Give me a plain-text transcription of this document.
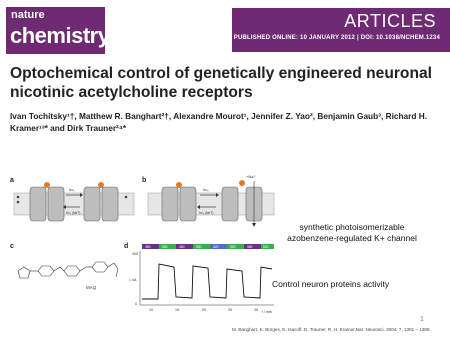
nature
chemistry
ARTICLES
PUBLISHED ONLINE: 10 JANUARY 2012 | DOI: 10.1038/NCHEM.1234
Optochemical control of genetically engineered neuronal nicotinic acetylcholine receptors
Ivan Tochitsky¹†, Matthew R. Banghart²†, Alexandre Mourot¹, Jennifer Z. Yao², Benjamin Gaub³, Richard H. Kramer¹³* and Dirk Trauner²⁴*
a	b
c	d
hν₁
hν₂ (kʙT)
hν₁
hν₂ (kʙT)
+Na⁺
MAQ
380	500	380	500	420	500	380	500
300
0
I, nA
10	15	20	25	30 t / min
synthetic photoisomerizable
azobenzene-regulated K+ channel
Control neuron proteins activity
1
M. Banghart, K. Borges, E. Isacoff, D. Trauner, R. H. Kramer,Nat. Neurosci. 2004, 7, 1381 – 1386.
